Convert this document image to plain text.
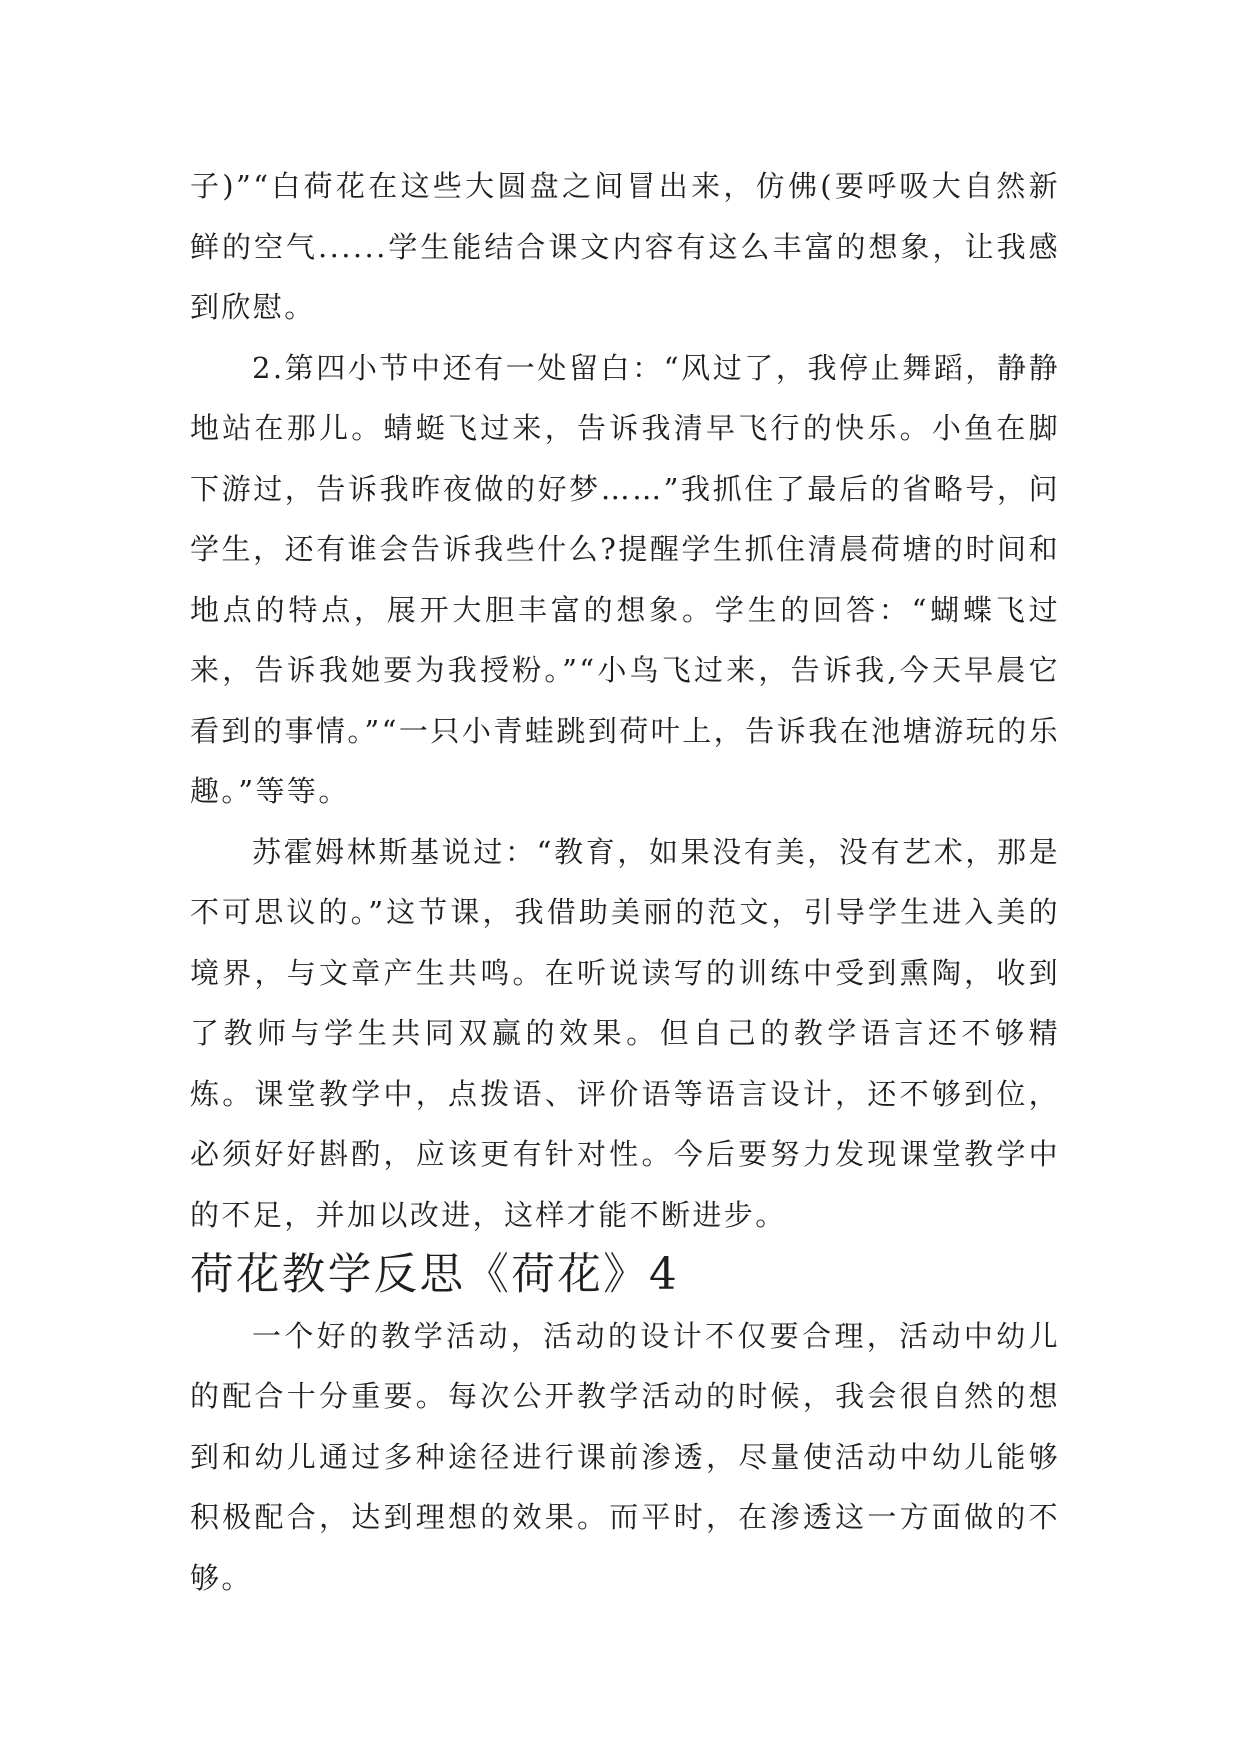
子)”“白荷花在这些大圆盘之间冒出来，仿佛(要呼吸大自然新鲜的空气......学生能结合课文内容有这么丰富的想象，让我感到欣慰。

2.第四小节中还有一处留白：“风过了，我停止舞蹈，静静地站在那儿。蜻蜓飞过来，告诉我清早飞行的快乐。小鱼在脚下游过，告诉我昨夜做的好梦……”我抓住了最后的省略号，问学生，还有谁会告诉我些什么?提醒学生抓住清晨荷塘的时间和地点的特点，展开大胆丰富的想象。学生的回答：“蝴蝶飞过来，告诉我她要为我授粉。”“小鸟飞过来，告诉我,今天早晨它看到的事情。”“一只小青蛙跳到荷叶上，告诉我在池塘游玩的乐趣。”等等。

苏霍姆林斯基说过：“教育，如果没有美，没有艺术，那是不可思议的。”这节课，我借助美丽的范文，引导学生进入美的境界，与文章产生共鸣。在听说读写的训练中受到熏陶，收到了教师与学生共同双赢的效果。但自己的教学语言还不够精炼。课堂教学中，点拨语、评价语等语言设计，还不够到位，必须好好斟酌，应该更有针对性。今后要努力发现课堂教学中的不足，并加以改进，这样才能不断进步。

荷花教学反思《荷花》4

一个好的教学活动，活动的设计不仅要合理，活动中幼儿的配合十分重要。每次公开教学活动的时候，我会很自然的想到和幼儿通过多种途径进行课前渗透，尽量使活动中幼儿能够积极配合，达到理想的效果。而平时，在渗透这一方面做的不够。
